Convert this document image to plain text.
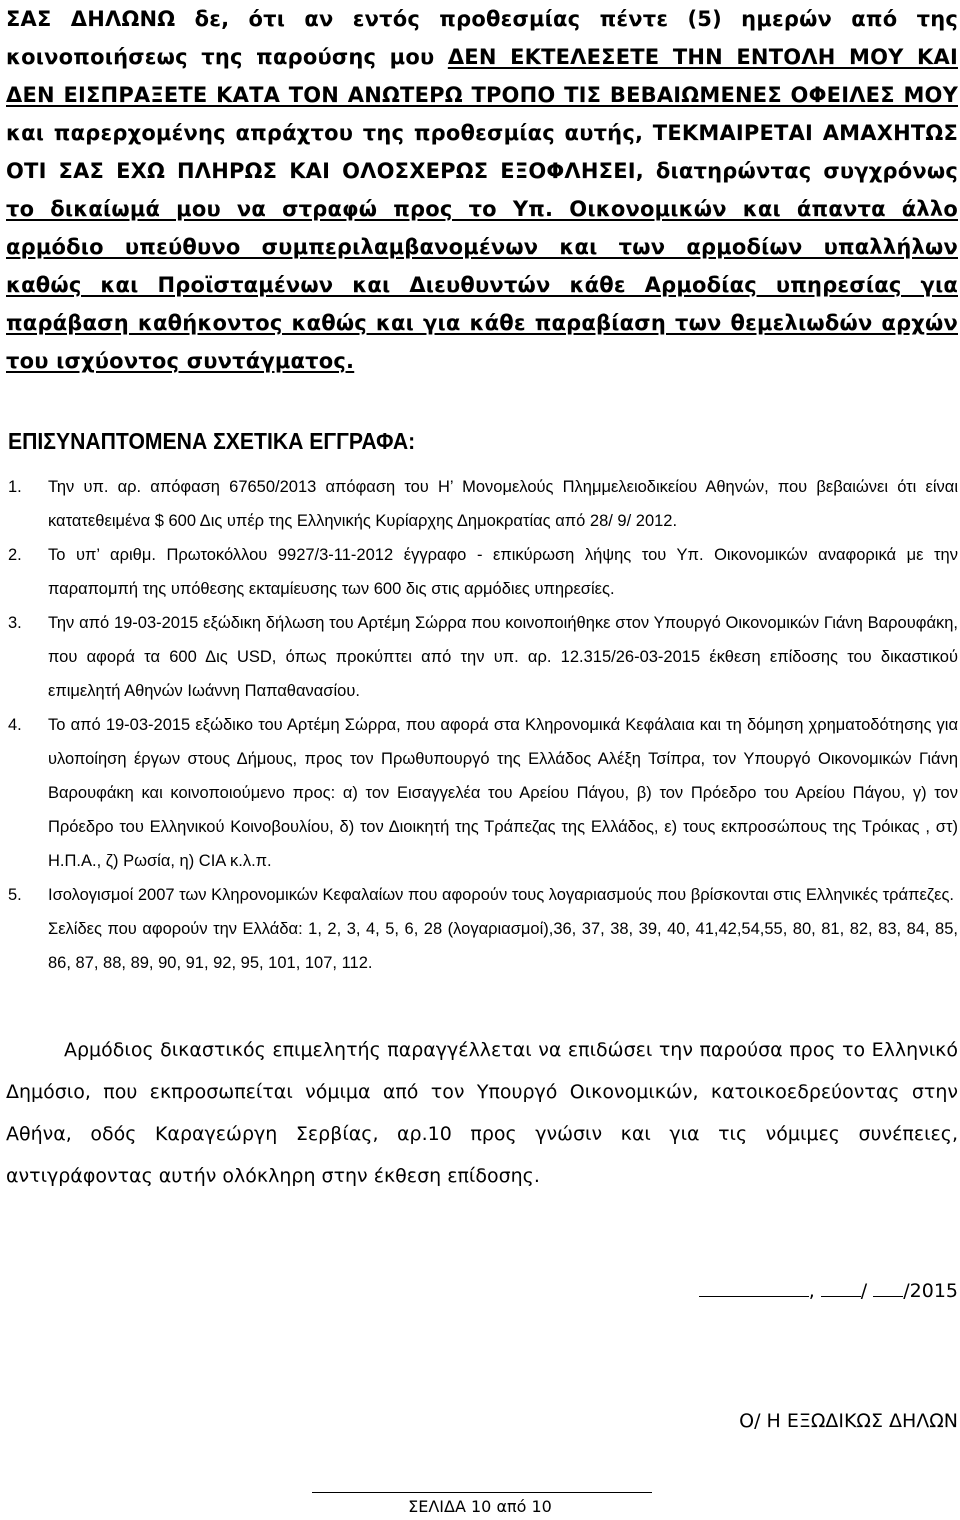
ΣΑΣ ΔΗΛΩΝΩ δε, ότι αν εντός προθεσμίας πέντε (5) ημερών από της κοινοποιήσεως της παρούσης μου ΔΕΝ ΕΚΤΕΛΕΣΕΤΕ ΤΗΝ ΕΝΤΟΛΗ ΜΟΥ ΚΑΙ ΔΕΝ ΕΙΣΠΡΑΞΕΤΕ ΚΑΤΑ ΤΟΝ ΑΝΩΤΕΡΩ ΤΡΟΠΟ ΤΙΣ ΒΕΒΑΙΩΜΕΝΕΣ ΟΦΕΙΛΕΣ ΜΟΥ και παρερχομένης απράχτου της προθεσμίας αυτής, ΤΕΚΜΑΙΡΕΤΑΙ ΑΜΑΧΗΤΩΣ ΟΤΙ ΣΑΣ ΕΧΩ ΠΛΗΡΩΣ ΚΑΙ ΟΛΟΣΧΕΡΩΣ ΕΞΟΦΛΗΣΕΙ, διατηρώντας συγχρόνως το δικαίωμά μου να στραφώ προς το Υπ. Οικονομικών και άπαντα άλλο αρμόδιο υπεύθυνο συμπεριλαμβανομένων και των αρμοδίων υπαλλήλων καθώς και Προϊσταμένων και Διευθυντών κάθε Αρμοδίας υπηρεσίας για παράβαση καθήκοντος καθώς και για κάθε παραβίαση των θεμελιωδών αρχών του ισχύοντος συντάγματος.
ΕΠΙΣΥΝΑΠΤΟΜΕΝΑ ΣΧΕΤΙΚΑ ΕΓΓΡΑΦΑ:
1. Την υπ. αρ. απόφαση 67650/2013 απόφαση του Η’ Μονομελούς Πλημμελειοδικείου Αθηνών, που βεβαιώνει ότι είναι κατατεθειμένα $ 600 Δις υπέρ της Ελληνικής Κυρίαρχης Δημοκρατίας από 28/ 9/ 2012.
2. Το υπ’ αριθμ. Πρωτοκόλλου 9927/3-11-2012 έγγραφο - επικύρωση λήψης του Υπ. Οικονομικών αναφορικά με την παραπομπή της υπόθεσης εκταμίευσης των 600 δις στις αρμόδιες υπηρεσίες.
3. Την από 19-03-2015 εξώδικη δήλωση του Αρτέμη Σώρρα που κοινοποιήθηκε στον Υπουργό Οικονομικών Γιάνη Βαρουφάκη, που αφορά τα 600 Δις USD, όπως προκύπτει από την υπ. αρ. 12.315/26-03-2015 έκθεση επίδοσης του δικαστικού επιμελητή Αθηνών Ιωάννη Παπαθανασίου.
4. Το από 19-03-2015 εξώδικο του Αρτέμη Σώρρα, που αφορά στα Κληρονομικά Κεφάλαια και τη δόμηση χρηματοδότησης για υλοποίηση έργων στους Δήμους, προς τον Πρωθυπουργό της Ελλάδος Αλέξη Τσίπρα, τον Υπουργό Οικονομικών Γιάνη Βαρουφάκη και κοινοποιούμενο προς: α) τον Εισαγγελέα του Αρείου Πάγου, β) τον Πρόεδρο του Αρείου Πάγου, γ) τον Πρόεδρο του Ελληνικού Κοινοβουλίου, δ) τον Διοικητή της Τράπεζας της Ελλάδος, ε) τους εκπροσώπους της Τρόικας , στ) Η.Π.Α., ζ) Ρωσία, η) CIA κ.λ.π.
5. Ισολογισμοί 2007 των Κληρονομικών Κεφαλαίων που αφορούν τους λογαριασμούς που βρίσκονται στις Ελληνικές τράπεζες.
Σελίδες που αφορούν την Ελλάδα: 1, 2, 3, 4, 5, 6, 28 (λογαριασμοί),36, 37, 38, 39, 40, 41,42,54,55, 80, 81, 82, 83, 84, 85, 86, 87, 88, 89, 90, 91, 92, 95, 101, 107, 112.
Αρμόδιος δικαστικός επιμελητής παραγγέλλεται να επιδώσει την παρούσα προς το Ελληνικό Δημόσιο, που εκπροσωπείται νόμιμα από τον Υπουργό Οικονομικών, κατοικοεδρεύοντας στην Αθήνα, οδός Καραγεώργη Σερβίας, αρ.10 προς γνώσιν και για τις νόμιμες συνέπειες, αντιγράφοντας αυτήν ολόκληρη στην έκθεση επίδοσης.
, / /2015
Ο/ Η ΕΞΩΔΙΚΩΣ ΔΗΛΩΝ
ΣΕΛΙΔΑ 10 από 10
